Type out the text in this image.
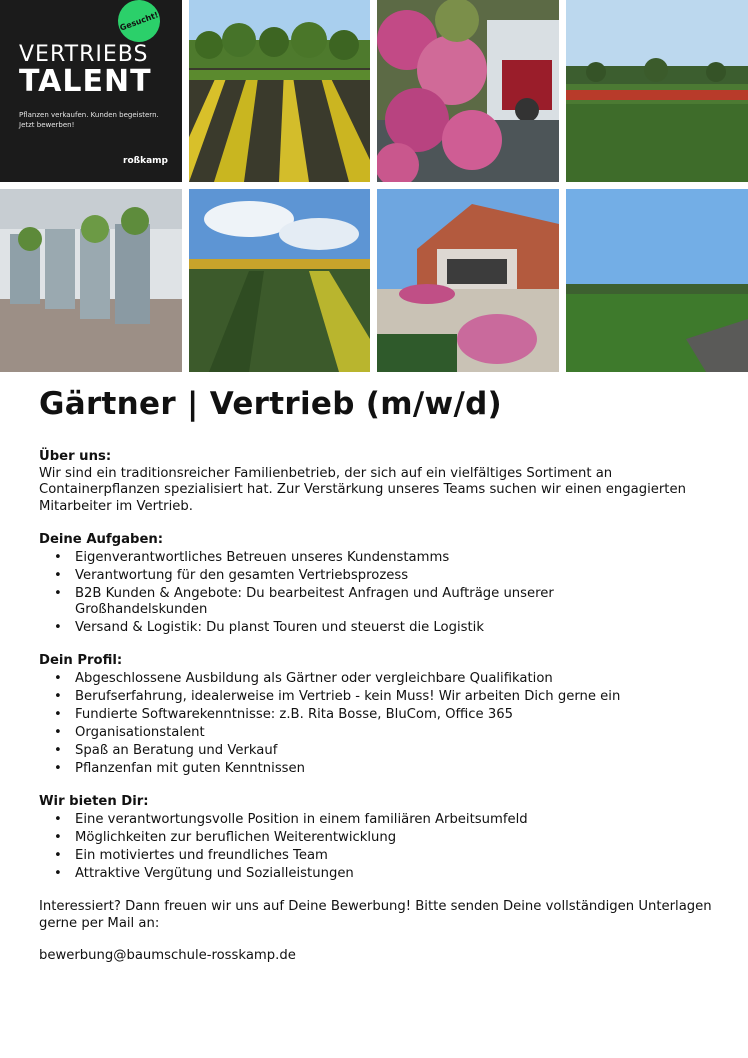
Gesucht!
VERTRIEBS
TALENT
Pflanzen verkaufen. Kunden begeistern. Jetzt bewerben!
roßkamp
Gärtner | Vertrieb (m/w/d)
Über uns:
Wir sind ein traditionsreicher Familienbetrieb, der sich auf ein vielfältiges Sortiment an Containerpflanzen spezialisiert hat. Zur Verstärkung unseres Teams suchen wir einen engagierten Mitarbeiter im Vertrieb.
Deine Aufgaben:
• Eigenverantwortliches Betreuen unseres Kundenstamms
• Verantwortung für den gesamten Vertriebsprozess
• B2B Kunden & Angebote: Du bearbeitest Anfragen und Aufträge unserer Großhandelskunden
• Versand & Logistik: Du planst Touren und steuerst die Logistik
Dein Profil:
• Abgeschlossene Ausbildung als Gärtner oder vergleichbare Qualifikation
• Berufserfahrung, idealerweise im Vertrieb - kein Muss! Wir arbeiten Dich gerne ein
• Fundierte Softwarekenntnisse: z.B. Rita Bosse, BluCom, Office 365
• Organisationstalent
• Spaß an Beratung und Verkauf
• Pflanzenfan mit guten Kenntnissen
Wir bieten Dir:
• Eine verantwortungsvolle Position in einem familiären Arbeitsumfeld
• Möglichkeiten zur beruflichen Weiterentwicklung
• Ein motiviertes und freundliches Team
• Attraktive Vergütung und Sozialleistungen
Interessiert? Dann freuen wir uns auf Deine Bewerbung! Bitte senden Deine vollständigen Unterlagen gerne per Mail an:
bewerbung@baumschule-rosskamp.de
